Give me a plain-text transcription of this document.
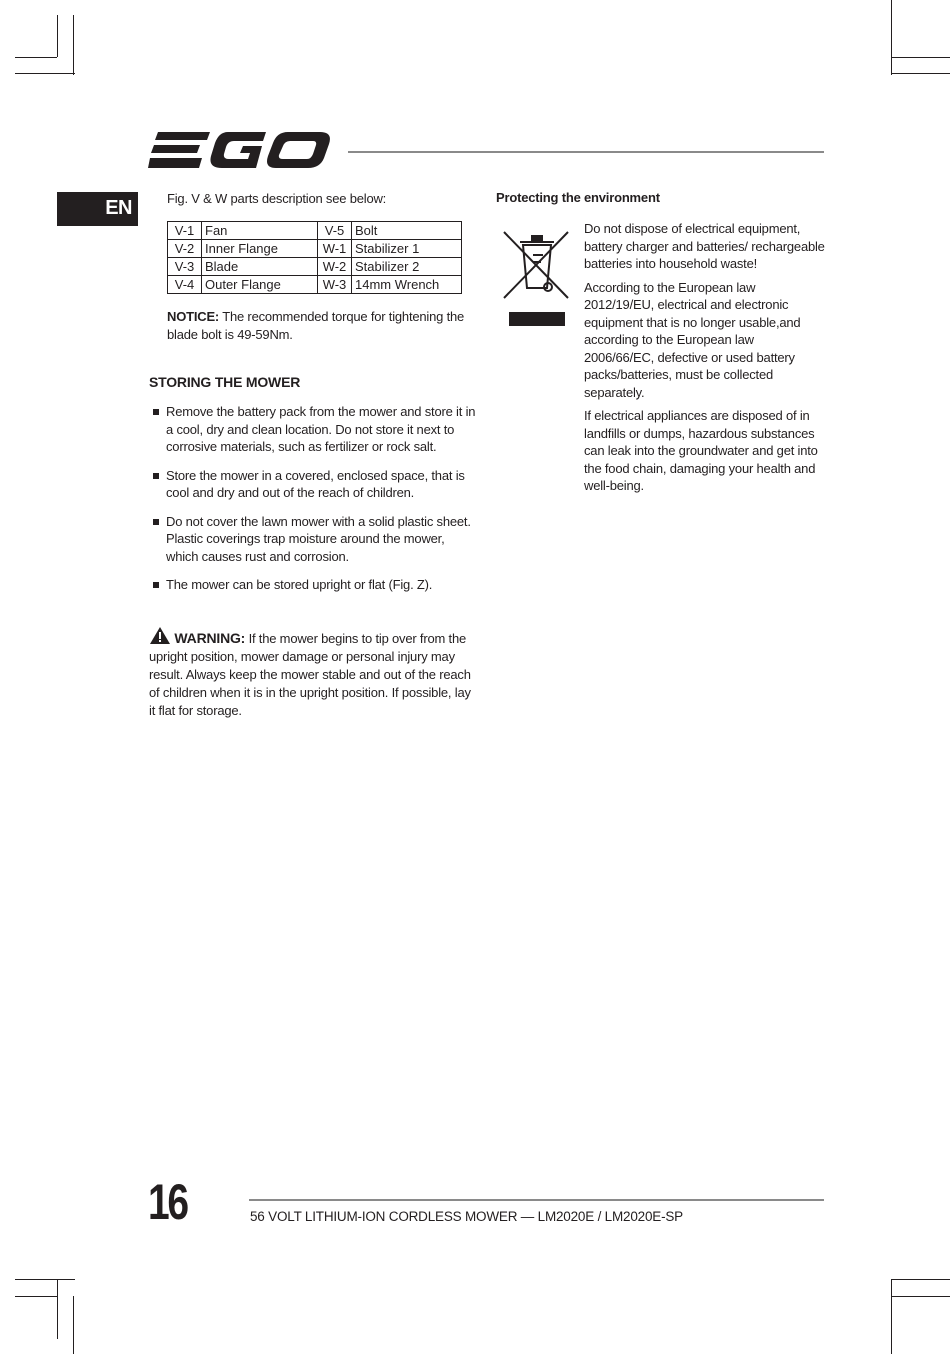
EN	Fig. V & W parts description see below:
V-1	Fan	V-5	Bolt
V-2	Inner Flange	W-1	Stabilizer 1
V-3	Blade	W-2	Stabilizer 2
V-4	Outer Flange	W-3	14mm Wrench
NOTICE: The recommended torque for tightening the blade bolt is 49-59Nm.
STORING THE MOWER
Remove the battery pack from the mower and store it in a cool, dry and clean location. Do not store it next to corrosive materials, such as fertilizer or rock salt.
Store the mower in a covered, enclosed space, that is cool and dry and out of the reach of children.
Do not cover the lawn mower with a solid plastic sheet. Plastic coverings trap moisture around the mower, which causes rust and corrosion.
The mower can be stored upright or flat (Fig. Z).
WARNING: If the mower begins to tip over from the upright position, mower damage or personal injury may result. Always keep the mower stable and out of the reach of children when it is in the upright position. If possible, lay it flat for storage.
Protecting the environment

Do not dispose of electrical equipment, battery charger and batteries/ rechargeable batteries into household waste!

According to the European law 2012/19/EU, electrical and electronic equipment that is no longer usable,and according to the European law 2006/66/EC, defective or used battery packs/batteries, must be collected separately.

If electrical appliances are disposed of in landfills or dumps, hazardous substances can leak into the groundwater and get into the food chain, damaging your health and well-being.

16	56 VOLT LITHIUM-ION CORDLESS MOWER — LM2020E / LM2020E-SP
